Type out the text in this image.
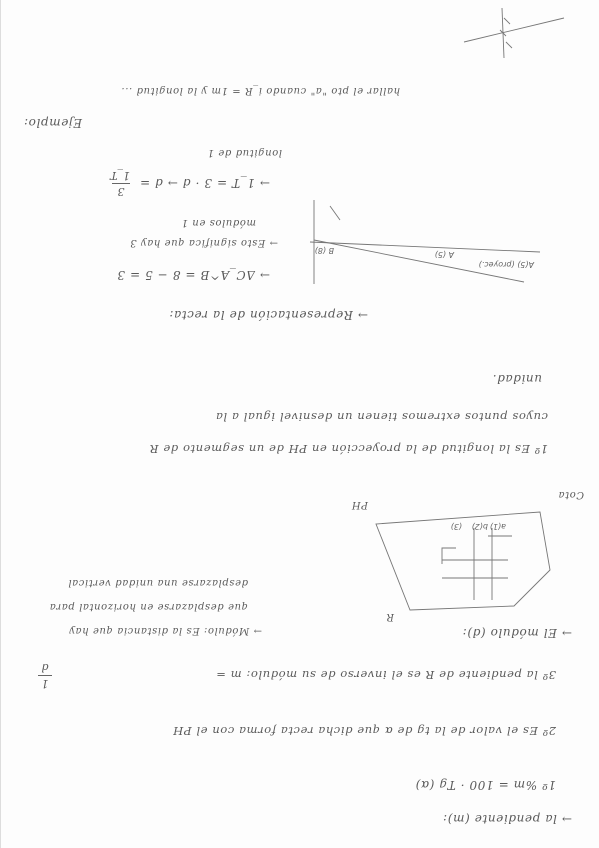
→ la pendiente (m):
1º %m = 100 · Tg (α)
2º Es el valor de la tg de α que dicha recta forma con el PH
3º la pendiente de R es el inverso de su módulo: m =
1
d
→ El módulo (d):
R
a(1)
b(2)
(3)
→ Módulo: Es la distancia que hay
que desplazarse en horizontal para
desplazarse una unidad vertical
PH
Cota
1º Es la longitud de la proyección en PH de un segmento de R
cuyos puntos extremos tienen un desnivel igual a la
unidad.
→ Representación de la recta:
A(5) (proyec.)
A (5)
B (8)
→ ΔC_A^B = 8 − 5 = 3
→ Esto significa que hay 3
módulos en 1
→ 1_T = 3 · d → d =
3
1_T
longitud de 1
Ejemplo:
hallar el pto "a" cuando i_R = 1m y la longitud ...
